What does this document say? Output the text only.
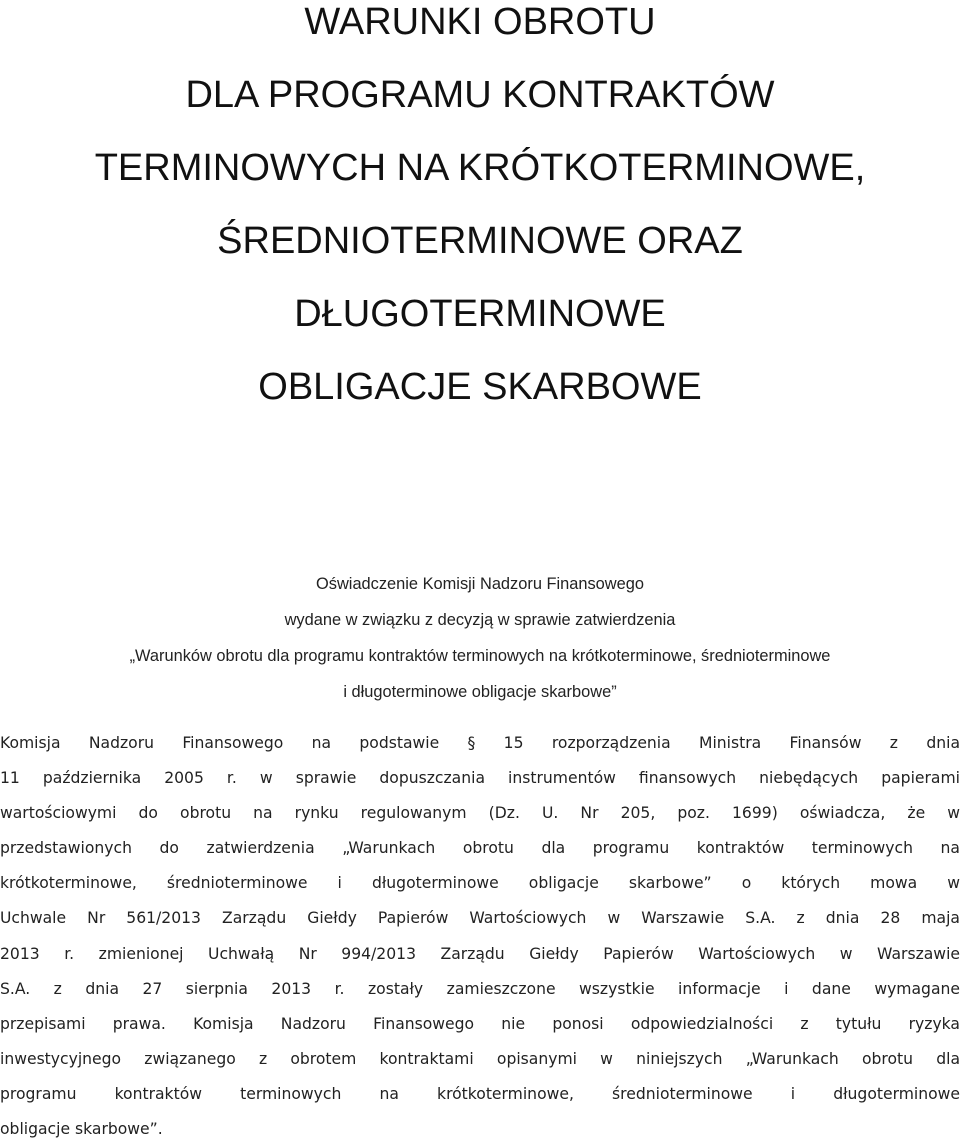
WARUNKI OBROTU
DLA PROGRAMU KONTRAKTÓW
TERMINOWYCH NA KRÓTKOTERMINOWE,
ŚREDNIOTERMINOWE ORAZ
DŁUGOTERMINOWE
OBLIGACJE SKARBOWE
Oświadczenie Komisji Nadzoru Finansowego
wydane w związku z decyzją w sprawie zatwierdzenia
„Warunków obrotu dla programu kontraktów terminowych na krótkoterminowe, średnioterminowe
i długoterminowe obligacje skarbowe”
Komisja Nadzoru Finansowego na podstawie § 15 rozporządzenia Ministra Finansów z dnia
11 października 2005 r. w sprawie dopuszczania instrumentów finansowych niebędących papierami
wartościowymi do obrotu na rynku regulowanym (Dz. U. Nr 205, poz. 1699) oświadcza, że w
przedstawionych do zatwierdzenia „Warunkach obrotu dla programu kontraktów terminowych na
krótkoterminowe, średnioterminowe i długoterminowe obligacje skarbowe” o których mowa w
Uchwale Nr 561/2013 Zarządu Giełdy Papierów Wartościowych w Warszawie S.A. z dnia 28 maja
2013 r. zmienionej Uchwałą Nr 994/2013 Zarządu Giełdy Papierów Wartościowych w Warszawie
S.A. z dnia 27 sierpnia 2013 r. zostały zamieszczone wszystkie informacje i dane wymagane
przepisami prawa. Komisja Nadzoru Finansowego nie ponosi odpowiedzialności z tytułu ryzyka
inwestycyjnego związanego z obrotem kontraktami opisanymi w niniejszych „Warunkach obrotu dla
programu kontraktów terminowych na krótkoterminowe, średnioterminowe i długoterminowe
obligacje skarbowe”.
